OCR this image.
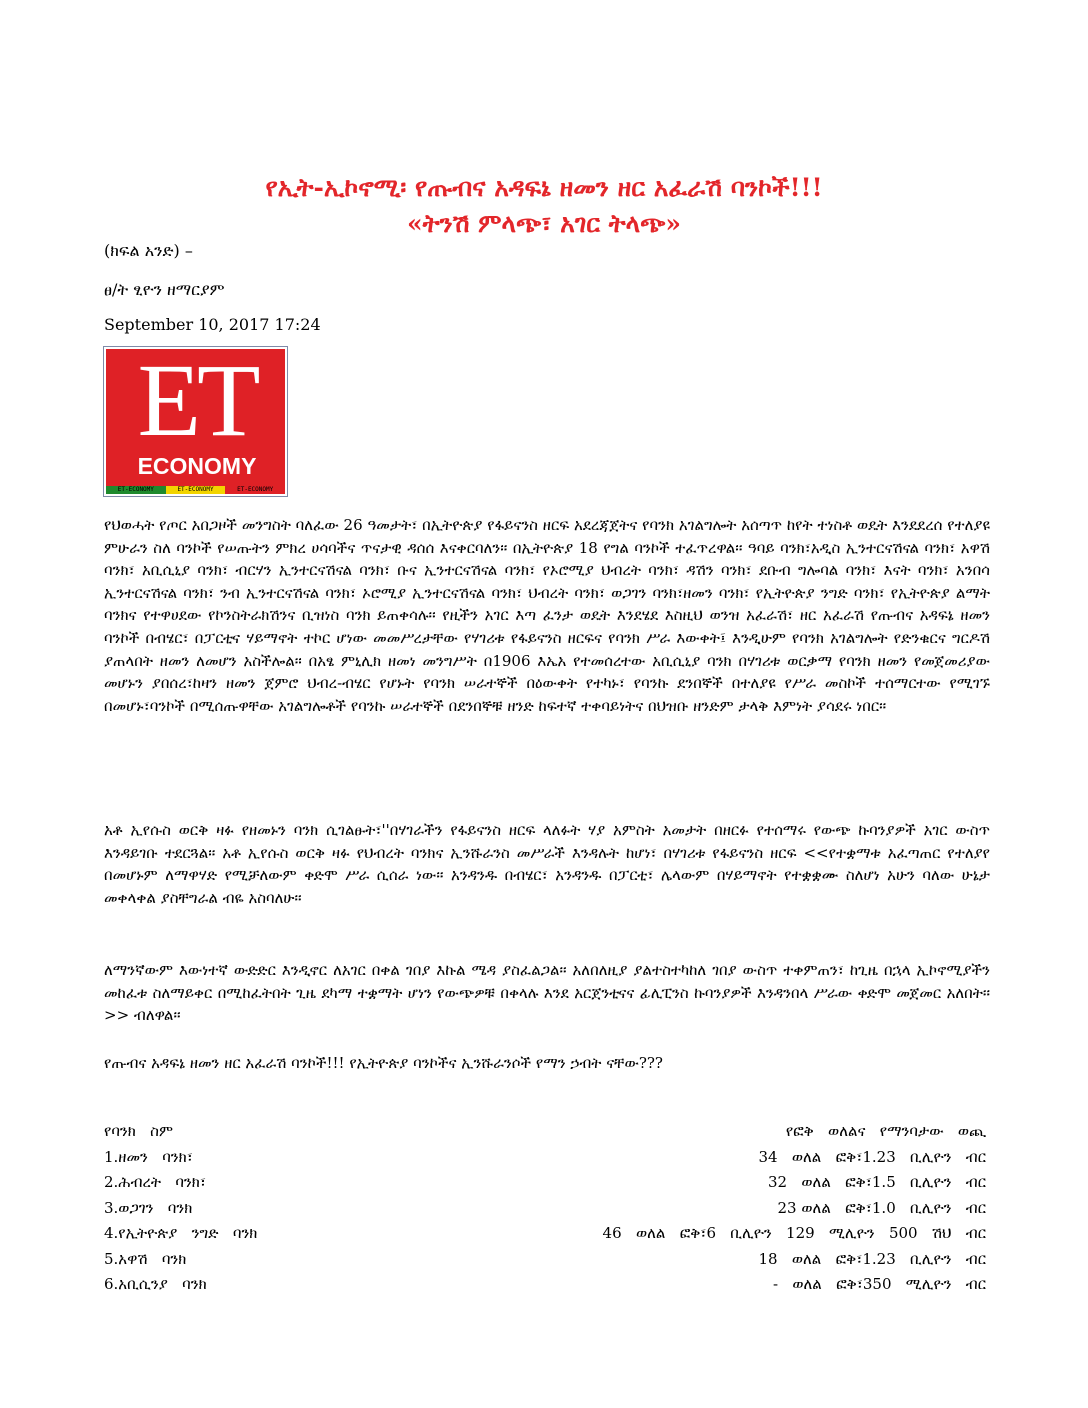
የኢት-ኢኮኖሚ፡ የጡብና አዳፍኔ ዘመን ዘር አፈራሽ ባንኮች!!!
«ትንሽ ምላጭ፣ አገር ትላጭ»
(ክፍል አንድ) –
ፀ/ት ፂዮን ዘማርያም
September 10, 2017 17:24
ET
ECONOMY
ET-ECONOMY	ET-ECONOMY	ET-ECONOMY

የህወሓት የጦር አበጋዞች መንግስት ባለፈው 26 ዓመታት፣ በኢትዮጵያ የፋይናንስ ዘርፍ አደረጃጀትና የባንክ አገልግሎት አሰጣጥ ከየት ተነስቶ ወዴት እንደደረሰ የተለያዩ ምሁራን ስለ ባንኮች የሠጡትን ምክረ ሀሳባችና ጥናታዊ ዳሰሰ እናቀርባለን፡፡ በኢትዮጵያ 18 የግል ባንኮች ተፈጥረዋል፡፡ ዓባይ ባንክ፣አዲስ ኢንተርናሽናል ባንክ፣ አዋሽ ባንክ፣ አቢሲኒያ ባንክ፣ ብርሃን ኢንተርናሽናል ባንክ፣ ቡና ኢንተርናሽናል ባንክ፣ የኦሮሚያ ህብረት ባንክ፣ ዳሽን ባንክ፣ ደቡብ ግሎባል ባንክ፣ እናት ባንክ፣ አንበሳ ኢንተርናሽናል ባንክ፣ ንብ ኢንተርናሽናል ባንክ፣ ኦሮሚያ ኢንተርናሽናል ባንክ፣ ህብረት ባንክ፣ ወጋገን ባንክ፣ዘመን ባንክ፣ የኢትዮጵያ ንግድ ባንክ፣ የኢትዮጵያ ልማት ባንክና የተዋሀደው የኮንስትራክሽንና ቢዝነስ ባንክ ይጠቀሳሉ፡፡ የዚችን አገር እጣ ፈንታ ወዴት እንደሄደ እስዚህ ወንዝ አፈራሽ፣ ዘር አፈራሽ የጡብና አዳፍኔ ዘመን ባንኮች በብሄር፣ በፓርቲና ሃይማኖት ተኮር ሆነው መመሥረታቸው የሃገሪቱ የፋይናንስ ዘርፍና የባንክ ሥራ እውቀት፤ እንዲሁም የባንክ አገልግሎት የድንቁርና ግርዶሽ ያጠላበት ዘመን ለመሆን አስችሎል፡፡ በአፄ ምኒሊክ ዘመነ መንግሥት በ1906 እኤአ የተመሰረተው አቢሲኒያ ባንክ በሃገሪቱ ወርቃማ የባንክ ዘመን የመጀመሪያው መሆኑን ያበሰረ፣ከዛን ዘመን ጀምሮ ህብረ-ብሄር የሆኑት የባንክ ሠራተኞች በዕውቀት የተካኑ፣ የባንኩ ደንበኞች በተለያዩ የሥራ መስኮች ተሰማርተው የሚገኙ በመሆኑ፣ባንኮች በሚሰጡዋቸው አገልግሎቶች የባንኩ ሠራተኞች በደንበኞቹ ዘንድ ከፍተኛ ተቀባይነትና በህዝቡ ዘንድም ታላቅ እምነት ያሳደሩ ነበር፡፡

አቶ ኢየሱስ ወርቅ ዛፉ የዘመኑን ባንክ ሲገልፁት፣''በሃገራችን የፋይናንስ ዘርፍ ላለፉት ሃያ አምስት አመታት በዘርፉ የተሰማሩ የውጭ ኩባንያዎች አገር ውስጥ እንዳይገቡ ተደርጓል፡፡ አቶ ኢየሱስ ወርቅ ዛፉ የህብረት ባንክና ኢንሹራንስ መሥራች እንዳሉት ከሆነ፣ በሃገሪቱ የፋይናንስ ዘርፍ <<የተቋማቱ አፈጣጠር የተለያየ በመሆኑም ለማዋሃድ የሚቻለውም ቀድሞ ሥራ ሲሰራ ነው፡፡ አንዳንዱ በብሄር፣ አንዳንዱ በፓርቲ፣ ሌላውም በሃይማኖት የተቋቋሙ ስለሆነ አሁን ባለው ሁኔታ መቀላቀል ያስቸግራል ብዬ አስባለሁ፡፡

ለማንኛውም እውነተኛ ውድድር እንዲኖር ለአገር በቀል ገበያ እኩል ሜዳ ያስፈልጋል፡፡ አለበለዚያ ያልተስተካከለ ገበያ ውስጥ ተቀምጠን፣ ከጊዜ በኋላ ኢኮኖሚያችን መከፈቱ ስለማይቀር በሚከፈትበት ጊዜ ደካማ ተቋማት ሆነን የውጭዎቹ በቀላሉ እንደ አርጀንቲናና ፊሊፒንስ ኩባንያዎች እንዳንበላ ሥራው ቀድሞ መጀመር አለበት፡፡>> ብለዋል፡፡

የጡብና አዳፍኔ ዘመን ዘር አፈራሽ ባንኮች!!! የኢትዮጵያ ባንኮችና ኢንሹራንሶች የማን ኃብት ናቸው???

የባንክ   ስም	የፎቅ   ወለልና   የማንባታው   ወጪ
1.ዘመን   ባንክ፣	34   ወለል   ፎቅ፣1.23   ቢሊዮን   ብር
2.ሕብረት   ባንክ፣	32   ወለል   ፎቅ፣1.5   ቢሊዮን   ብር
3.ወጋገን   ባንክ	23 ወለል   ፎቅ፣1.0   ቢሊዮን   ብር
4.የኢትዮጵያ   ንግድ   ባንክ	46   ወለል   ፎቅ፣6   ቢሊዮን   129   ሚሊዮን   500   ሽህ   ብር
5.አዋሽ   ባንክ	18   ወለል   ፎቅ፣1.23   ቢሊዮን   ብር
6.አቢሲንያ   ባንክ	-   ወለል   ፎቅ፣350   ሚሊዮን   ብር
